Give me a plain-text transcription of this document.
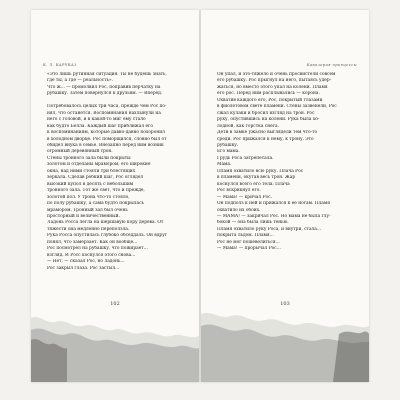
К. Л. КАРУКАЗ

«Это лишь рутинная ситуация. Ты не будешь знать,

где ты, а где — реальность».

Что ж... — промолвил Рос, поправив перчатку на

рубашку. Затем повернулся к друзьям. — Вперед.

Потребовалось целых три часа, прежде чем Рос по-

нял, что останется. Воспоминания нахлынули на

него с головой, и в какой-то миг ему стало

как будто Белла. Каждый шаг приближал его

к воспоминаниям, которые давно-давно похоронил

в холодном дворце. Рос поморщился, словно был от

обидел внука в семье. Внезапно перед ним возник

огромный деревянный трон.

Стены тронного зала были покрыты

золотом и отделаны мрамором, его широкие

окна, над ними стояли три блестящих

зеркала. Сделав робкий шаг, Рос оглядел

высокий купол в десять с небольшим

тронного зала. Тот же свет, что и прежде,

золотой пол. У трона что-то стояло,

по полу рубашку, а сама будто покрылась

мрамором. Тронный зал был очень

просторный и величественный.

Ладонь Росса легла на шершавую кору дерева. От

тяжести она медленно переползла.

Рука Росса опустилась глубоко обседдаль. Он вдруг

понял, что замерзает. Как он вообще...

Рос посмотрел на рубашку, что пожирает...

взгляд. И Росс коснулся этого снова...

— Нет, — сказал Рос, но ладонь...

Рос закрыл глаза. Рос застыл...

102
Кавалерия принцессы

Он упал, и это-тяжело и очень просвистели совсем

его рубашку. Рос прыгнул на него, пытаясь удер-

жаться, но вместо этого упал на колени. Пламя

его рос. Перед ним расплывались — корона.

Охватив каждого его, Рос, покрытый глазами

в фиолетовом свете пламени. Стены зазвенели, Рос

сжал кулаки и бросил взгляд на трон. Рос

руку, опустившись на колени. Рука была хо-

лодной, как горстка снега.

Дети в замке ужасно выглядели тем что-то

среди. Рос прижался к нему, к трону. Это

рубашку.

Его мама.

Грудь Роса затрепетала.

Мама.

Пламя охватило всю руку. Плача Рос

в пламени, окутав весь трон. Жар

коснулся всего его тела. Плача

Рос вскрикнул его.

— Мама! — кричал Рос.

Он подполз к ней и прижался к ее ногам. Пламя

охватило их обоих.

— МАМА! — закричал Рос. Но мама не была глу-

бокой — она была лишь тенью.

Пламя охватило руку Роса, и внутри, стала...

покрыта льдом. Пламя...

Рос не мог пошевелиться...

— Мама! — прорычал Рос...

103
